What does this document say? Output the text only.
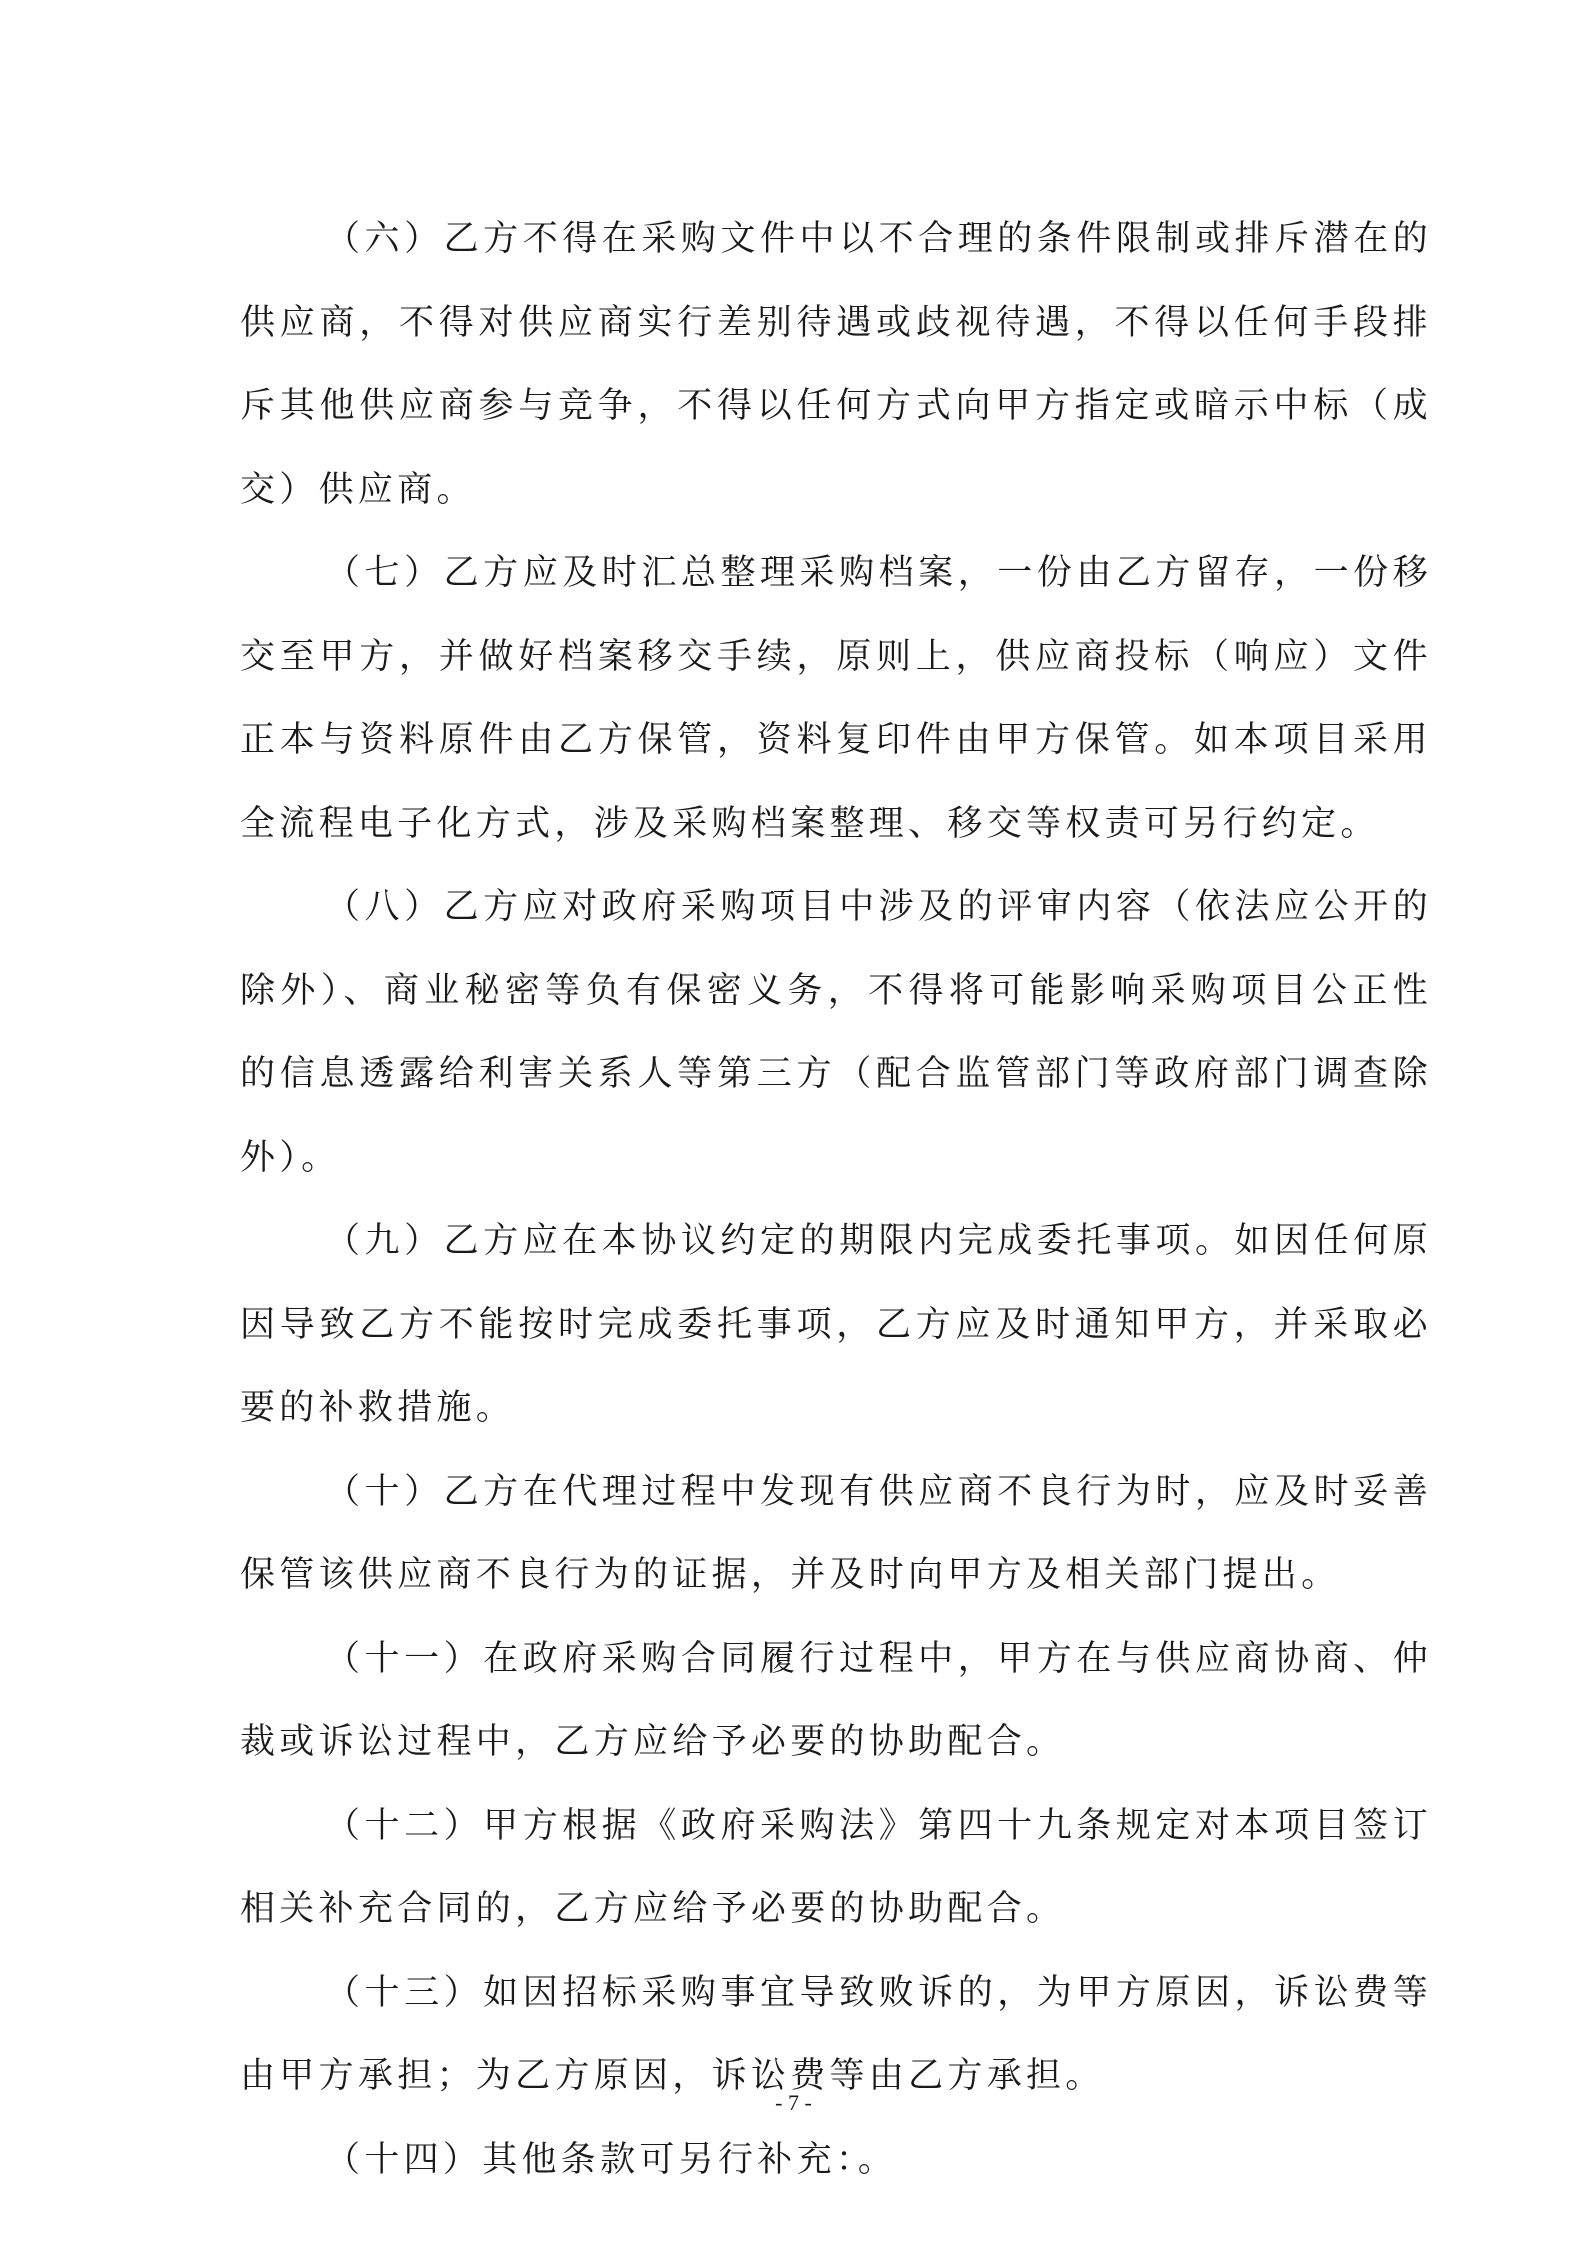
（六）乙方不得在采购文件中以不合理的条件限制或排斥潜在的供应商，不得对供应商实行差别待遇或歧视待遇，不得以任何手段排斥其他供应商参与竞争，不得以任何方式向甲方指定或暗示中标（成交）供应商。

（七）乙方应及时汇总整理采购档案，一份由乙方留存，一份移交至甲方，并做好档案移交手续，原则上，供应商投标（响应）文件正本与资料原件由乙方保管，资料复印件由甲方保管。如本项目采用全流程电子化方式，涉及采购档案整理、移交等权责可另行约定。

（八）乙方应对政府采购项目中涉及的评审内容（依法应公开的除外）、商业秘密等负有保密义务，不得将可能影响采购项目公正性的信息透露给利害关系人等第三方（配合监管部门等政府部门调查除外）。

（九）乙方应在本协议约定的期限内完成委托事项。如因任何原因导致乙方不能按时完成委托事项，乙方应及时通知甲方，并采取必要的补救措施。

（十）乙方在代理过程中发现有供应商不良行为时，应及时妥善保管该供应商不良行为的证据，并及时向甲方及相关部门提出。

（十一）在政府采购合同履行过程中，甲方在与供应商协商、仲裁或诉讼过程中，乙方应给予必要的协助配合。

（十二）甲方根据《政府采购法》第四十九条规定对本项目签订相关补充合同的，乙方应给予必要的协助配合。

（十三）如因招标采购事宜导致败诉的，为甲方原因，诉讼费等由甲方承担；为乙方原因，诉讼费等由乙方承担。

（十四）其他条款可另行补充：。

- 7 -
